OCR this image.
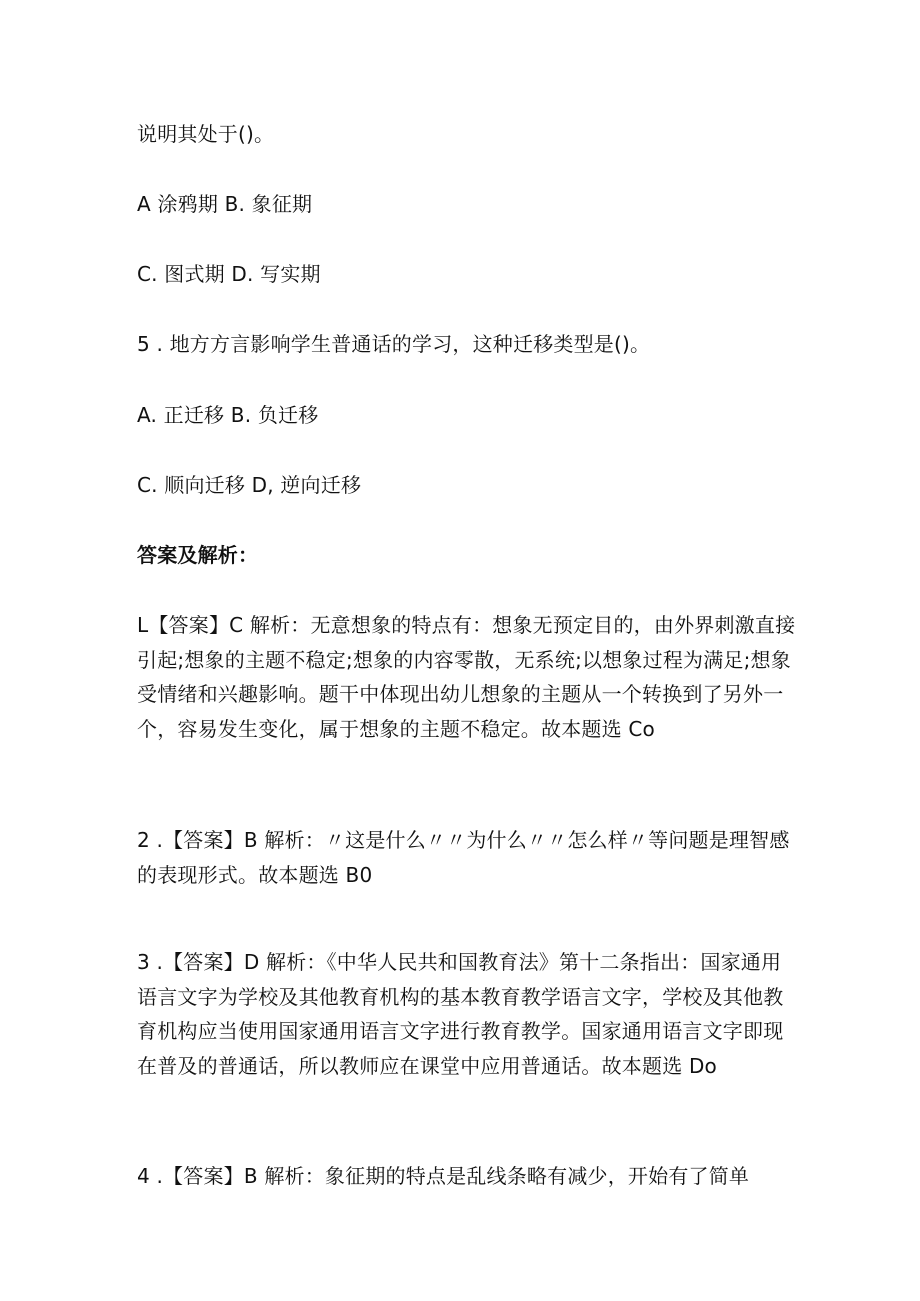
说明其处于()。
A 涂鸦期 B. 象征期
C. 图式期 D. 写实期
5 . 地方方言影响学生普通话的学习，这种迁移类型是()。
A. 正迁移 B. 负迁移
C. 顺向迁移 D, 逆向迁移
答案及解析：
L【答案】C 解析：无意想象的特点有：想象无预定目的，由外界刺激直接引起;想象的主题不稳定;想象的内容零散，无系统;以想象过程为满足;想象受情绪和兴趣影响。题干中体现出幼儿想象的主题从一个转换到了另外一个，容易发生变化，属于想象的主题不稳定。故本题选 Co
2 .【答案】B 解析：〃这是什么〃〃为什么〃〃怎么样〃等问题是理智感的表现形式。故本题选 B0
3 .【答案】D 解析：《中华人民共和国教育法》第十二条指出：国家通用语言文字为学校及其他教育机构的基本教育教学语言文字，学校及其他教育机构应当使用国家通用语言文字进行教育教学。国家通用语言文字即现在普及的普通话，所以教师应在课堂中应用普通话。故本题选 Do
4 .【答案】B 解析：象征期的特点是乱线条略有减少，开始有了简单
